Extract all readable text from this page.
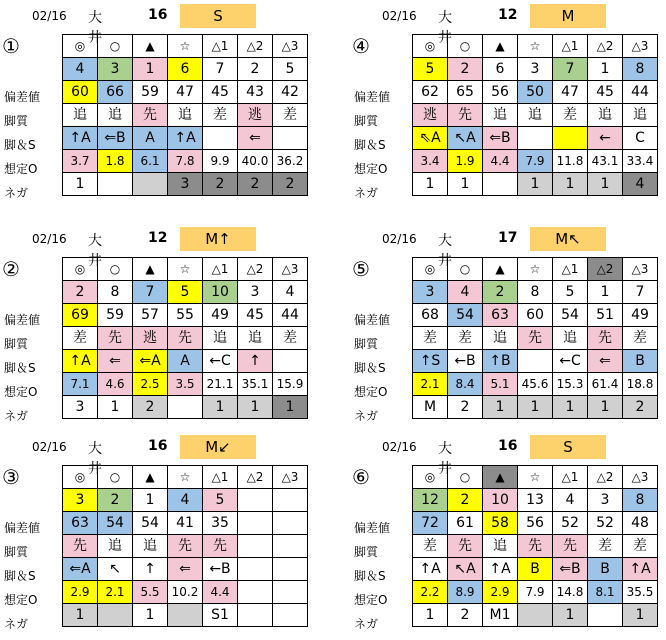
02/16 大井
16	S
①
偏差値
脚質
脚＆S
想定O
ネガ
◎	○	▲	☆	△1	△2	△3
4	3	1	6	7	2	5
60	66	59	47	45	43	42
追	追	先	追	差	逃	差
↑A	⇐B	A	↑A		⇐	
3.7	1.8	6.1	7.8	9.9	40.0	36.2
1			3	2	2	2
02/16 大井
12	M
④
偏差値
脚質
脚＆S
想定O
ネガ
◎	○	▲	☆	△1	△2	△3
5	2	6	3	7	1	8
62	65	56	50	47	45	44
逃	先	追	追	差	追	追
⇖A	↖A	⇐B			←	C
3.4	1.9	4.4	7.9	11.8	43.1	33.4
1	1		1	1	1	4
02/16 大井
12	M↑
②
偏差値
脚質
脚＆S
想定O
ネガ
◎	○	▲	☆	△1	△2	△3
2	8	7	5	10	3	4
69	59	57	55	49	45	44
差	先	逃	先	追	追	差
↑A	⇐	⇐A	A	←C	↑	
7.1	4.6	2.5	3.5	21.1	35.1	15.9
3	1	2		1	1	1
02/16 大井
17	M↖
⑤
偏差値
脚質
脚＆S
想定O
ネガ
◎	○	▲	☆	△1	△2	△3
3	4	2	8	5	1	7
68	54	63	60	54	51	49
差	差	追	先	追	先	差
↑S	←B	↑B		←C	⇐	B
2.1	8.4	5.1	45.6	15.3	61.4	18.8
M	2	1	1	1	1	2
02/16 大井
16	M↙
③
偏差値
脚質
脚＆S
想定O
ネガ
◎	○	▲	☆	△1	△2	△3
3	2	1	4	5		
63	54	54	41	35		
先	追	追	先	先		
⇐A	↖	↑	⇐	←B		
2.9	2.1	5.5	10.2	4.4		
1		1		S1		
02/16 大井
16	S
⑥
偏差値
脚質
脚＆S
想定O
ネガ
◎	○	▲	☆	△1	△2	△3
12	2	10	13	4	3	8
72	61	58	56	52	52	48
差	先	追	先	先	差	差
↑A	↖A	↑A	B	⇐B	B	↑A
2.2	8.9	2.9	7.9	14.8	8.1	35.5
1	2	M1		1		1
